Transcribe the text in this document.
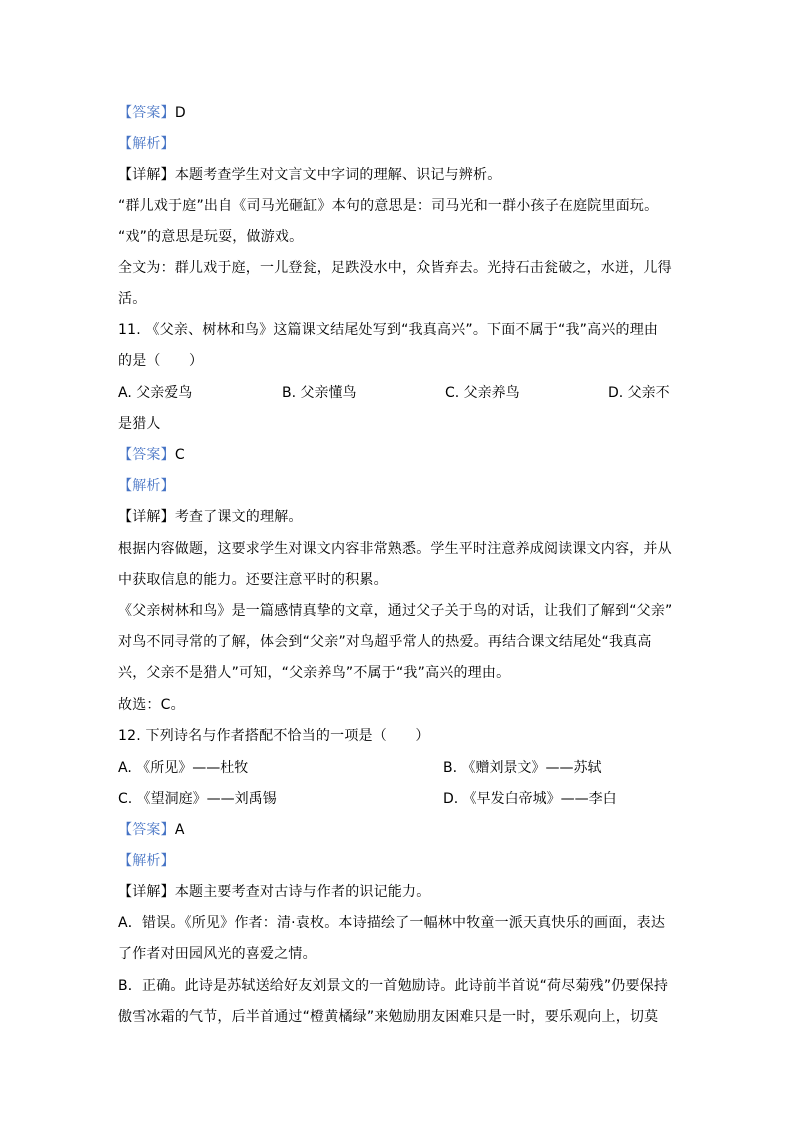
【答案】D
【解析】
【详解】本题考查学生对文言文中字词的理解、识记与辨析。
“群儿戏于庭”出自《司马光砸缸》本句的意思是：司马光和一群小孩子在庭院里面玩。
“戏”的意思是玩耍，做游戏。
全文为：群儿戏于庭，一儿登瓮，足跌没水中，众皆弃去。光持石击瓮破之，水迸，儿得
活。
11. 《父亲、树林和鸟》这篇课文结尾处写到“我真高兴”。下面不属于“我”高兴的理由
的是（　　）
A. 父亲爱鸟	B. 父亲懂鸟	C. 父亲养鸟	D. 父亲不
是猎人
【答案】C
【解析】
【详解】考查了课文的理解。
根据内容做题，这要求学生对课文内容非常熟悉。学生平时注意养成阅读课文内容，并从
中获取信息的能力。还要注意平时的积累。
《父亲树林和鸟》是一篇感情真挚的文章，通过父子关于鸟的对话，让我们了解到“父亲”
对鸟不同寻常的了解，体会到“父亲”对鸟超乎常人的热爱。再结合课文结尾处“我真高
兴，父亲不是猎人”可知，“父亲养鸟”不属于“我”高兴的理由。
故选：C。
12. 下列诗名与作者搭配不恰当的一项是（　　）
A. 《所见》——杜牧	B. 《赠刘景文》——苏轼
C. 《望洞庭》——刘禹锡	D. 《早发白帝城》——李白
【答案】A
【解析】
【详解】本题主要考查对古诗与作者的识记能力。
A．错误。《所见》作者：清·袁枚。本诗描绘了一幅林中牧童一派天真快乐的画面，表达
了作者对田园风光的喜爱之情。
B．正确。此诗是苏轼送给好友刘景文的一首勉励诗。此诗前半首说“荷尽菊残”仍要保持
傲雪冰霜的气节，后半首通过“橙黄橘绿”来勉励朋友困难只是一时，要乐观向上，切莫
